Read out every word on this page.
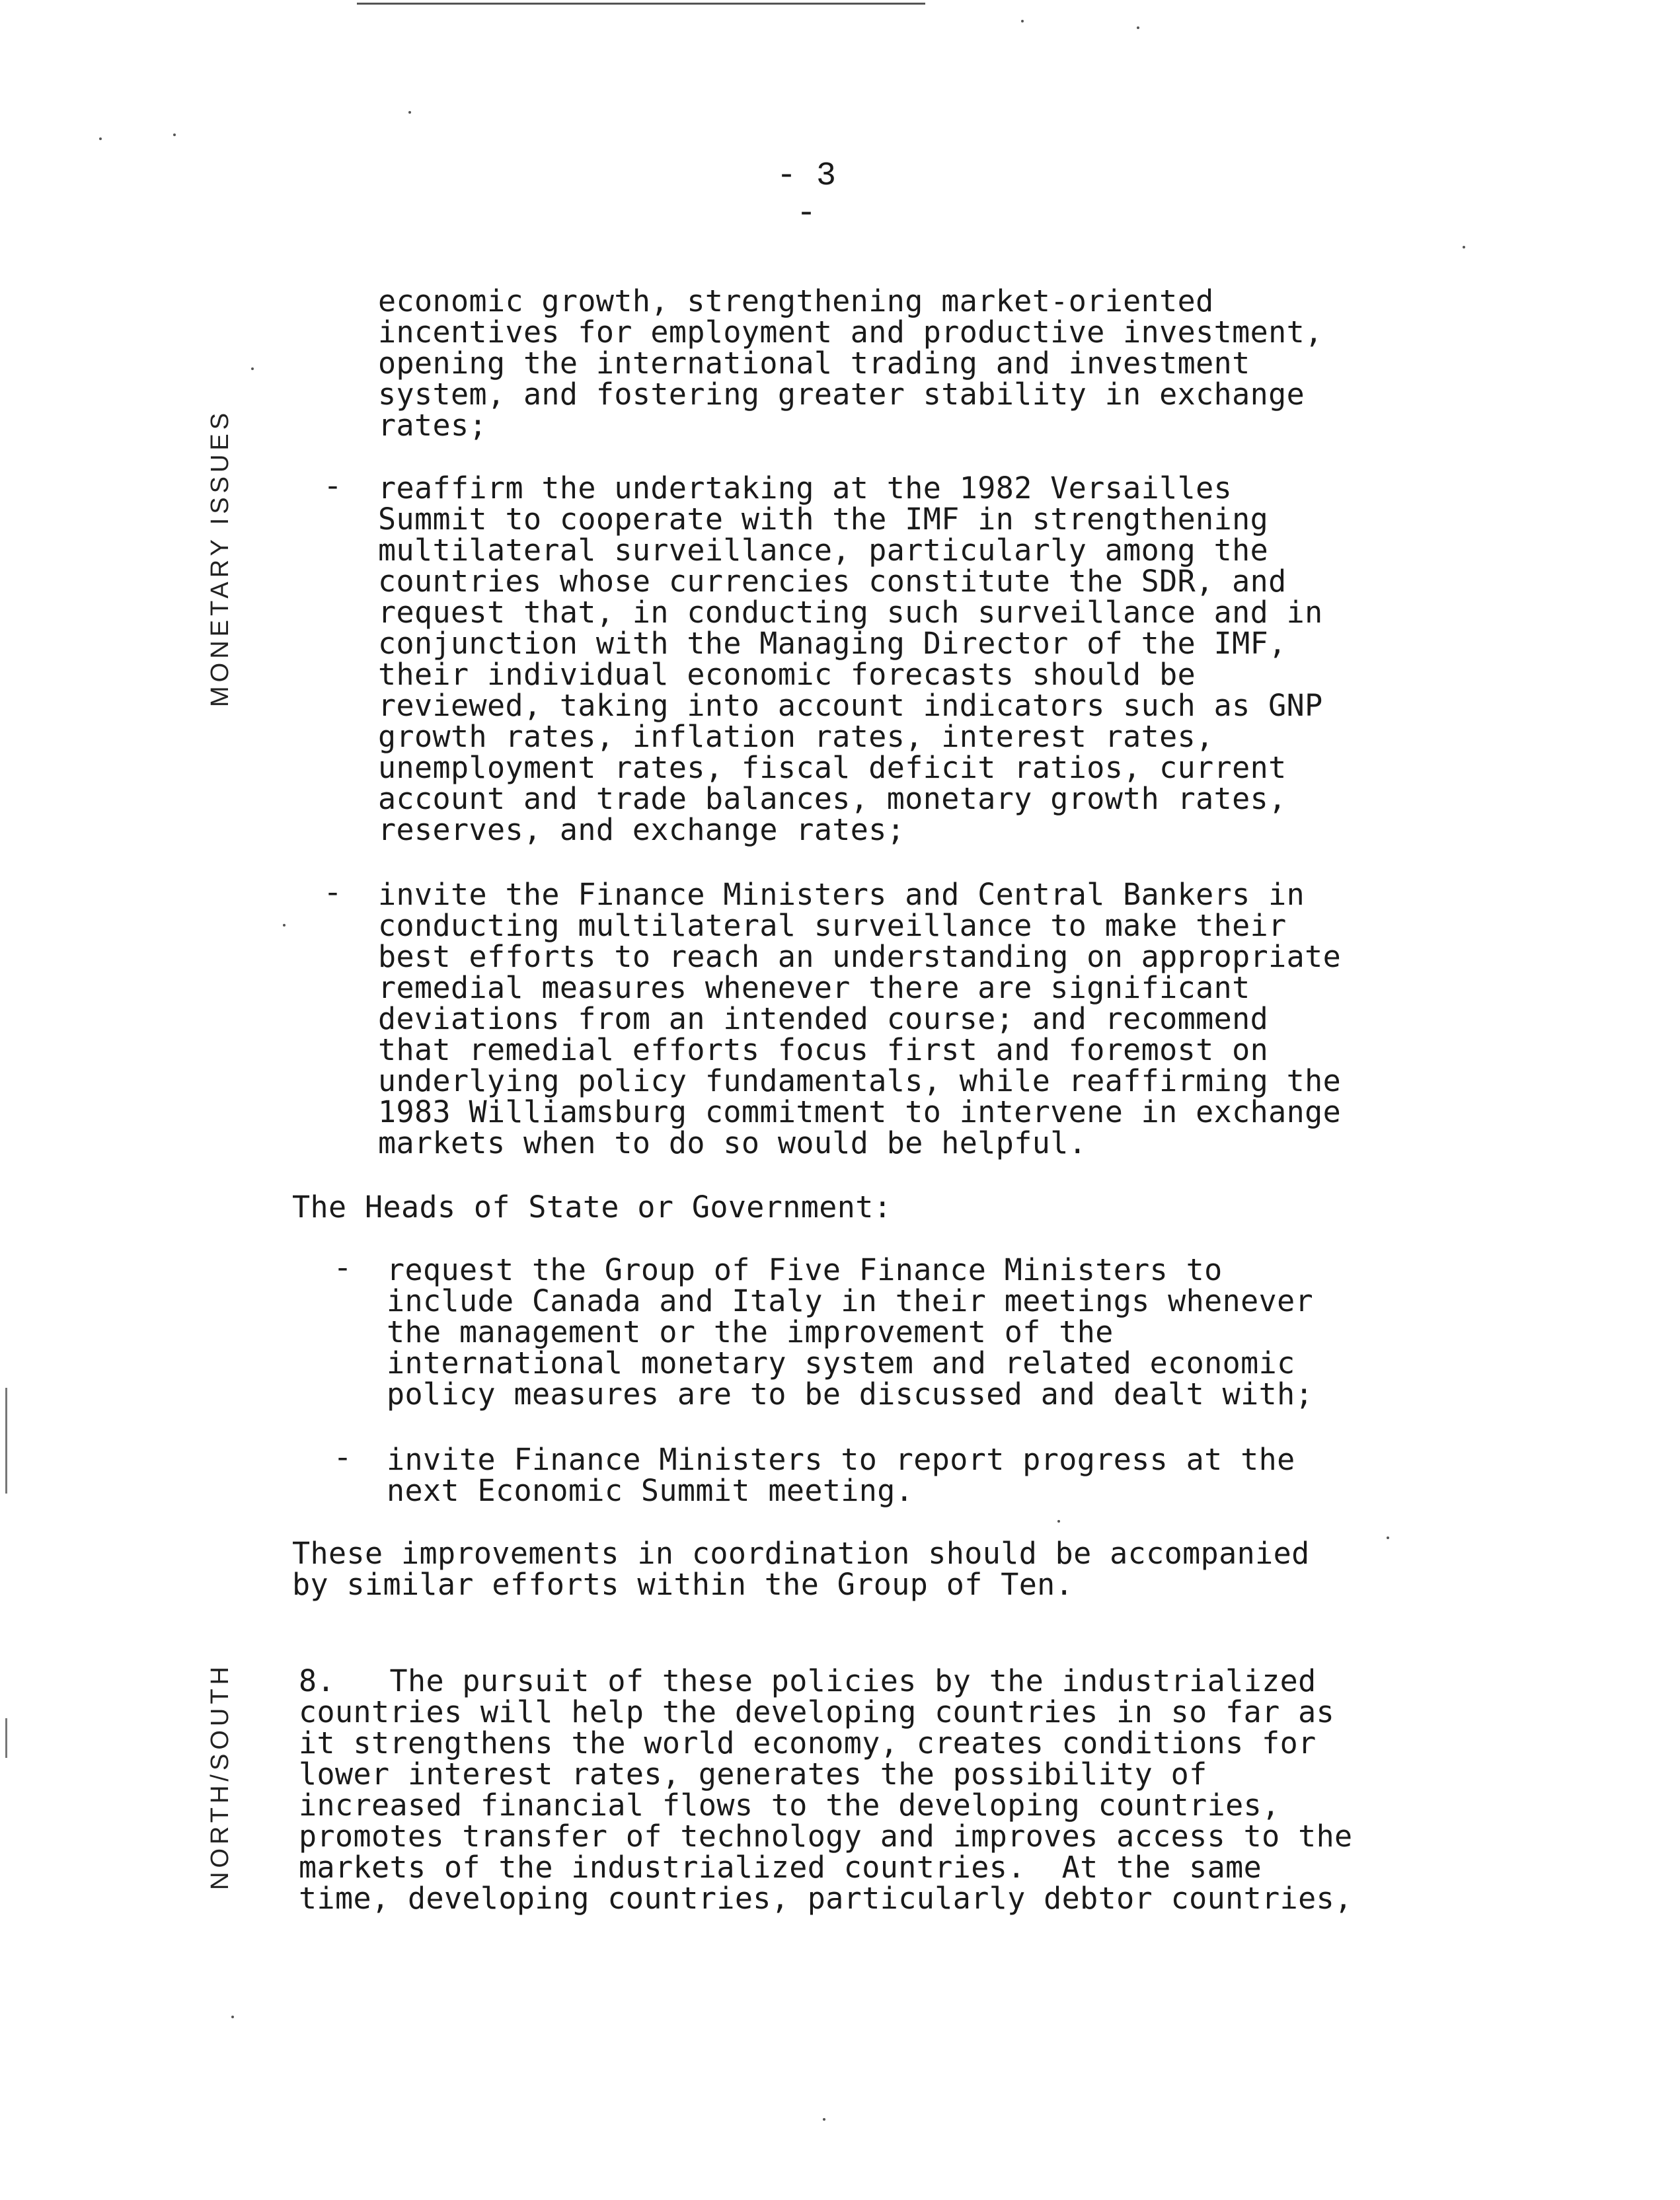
- 3 -
MONETARY ISSUES
NORTH/SOUTH
economic growth, strengthening market-oriented
incentives for employment and productive investment,
opening the international trading and investment
system, and fostering greater stability in exchange
rates;
- reaffirm the undertaking at the 1982 Versailles
Summit to cooperate with the IMF in strengthening
multilateral surveillance, particularly among the
countries whose currencies constitute the SDR, and
request that, in conducting such surveillance and in
conjunction with the Managing Director of the IMF,
their individual economic forecasts should be
reviewed, taking into account indicators such as GNP
growth rates, inflation rates, interest rates,
unemployment rates, fiscal deficit ratios, current
account and trade balances, monetary growth rates,
reserves, and exchange rates;
- invite the Finance Ministers and Central Bankers in
conducting multilateral surveillance to make their
best efforts to reach an understanding on appropriate
remedial measures whenever there are significant
deviations from an intended course; and recommend
that remedial efforts focus first and foremost on
underlying policy fundamentals, while reaffirming the
1983 Williamsburg commitment to intervene in exchange
markets when to do so would be helpful.
The Heads of State or Government:
- request the Group of Five Finance Ministers to
include Canada and Italy in their meetings whenever
the management or the improvement of the
international monetary system and related economic
policy measures are to be discussed and dealt with;
- invite Finance Ministers to report progress at the
next Economic Summit meeting.
These improvements in coordination should be accompanied
by similar efforts within the Group of Ten.
8.   The pursuit of these policies by the industrialized
countries will help the developing countries in so far as
it strengthens the world economy, creates conditions for
lower interest rates, generates the possibility of
increased financial flows to the developing countries,
promotes transfer of technology and improves access to the
markets of the industrialized countries.  At the same
time, developing countries, particularly debtor countries,
